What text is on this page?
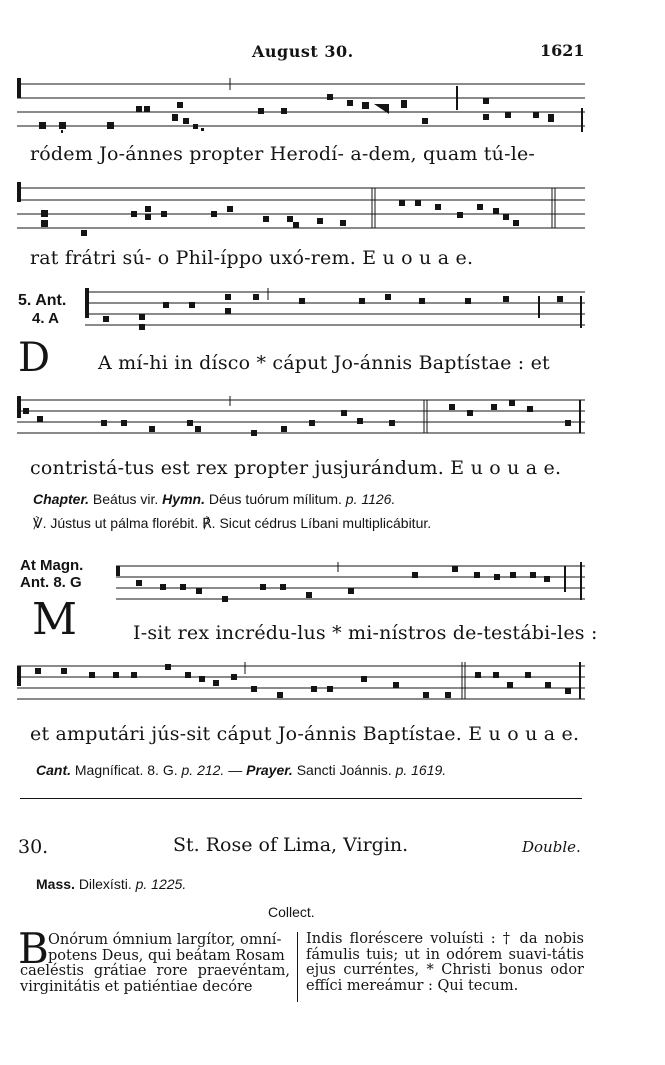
August 30.	1621
ródem Jo-ánnes propter Herodí- a-dem, quam tú-le-
rat frátri sú- o Phil-íppo uxó-rem. E u o u a e.
5. Ant.
4. A
D	A mí-hi in dísco * cáput Jo-ánnis Baptístae : et
contristá-tus est rex propter jusjurándum. E u o u a e.
Chapter. Beátus vir. Hymn. Déus tuórum mílitum. p. 1126.
℣. Jústus ut pálma florébit. ℟. Sicut cédrus Líbani multiplicábitur.
At Magn.
Ant. 8. G
M	I-sit rex incrédu-lus * mi-nístros de-testábi-les :
et amputári jús-sit cáput Jo-ánnis Baptístae. E u o u a e.
Cant. Magníficat. 8. G. p. 212. — Prayer. Sancti Joánnis. p. 1619.
30.	St. Rose of Lima, Virgin.	Double.
Mass. Dilexísti. p. 1225.
Collect.
B Onórum ómnium largítor, omní-
potens Deus, qui beátam Rosam
caeléstis grátiae rore praevéntam, virginitátis et patiéntiae decóre
Indis floréscere voluísti : † da nobis fámulis tuis; ut in odórem suavi-tátis ejus curréntes, * Christi bonus odor effíci mereámur : Qui tecum.
